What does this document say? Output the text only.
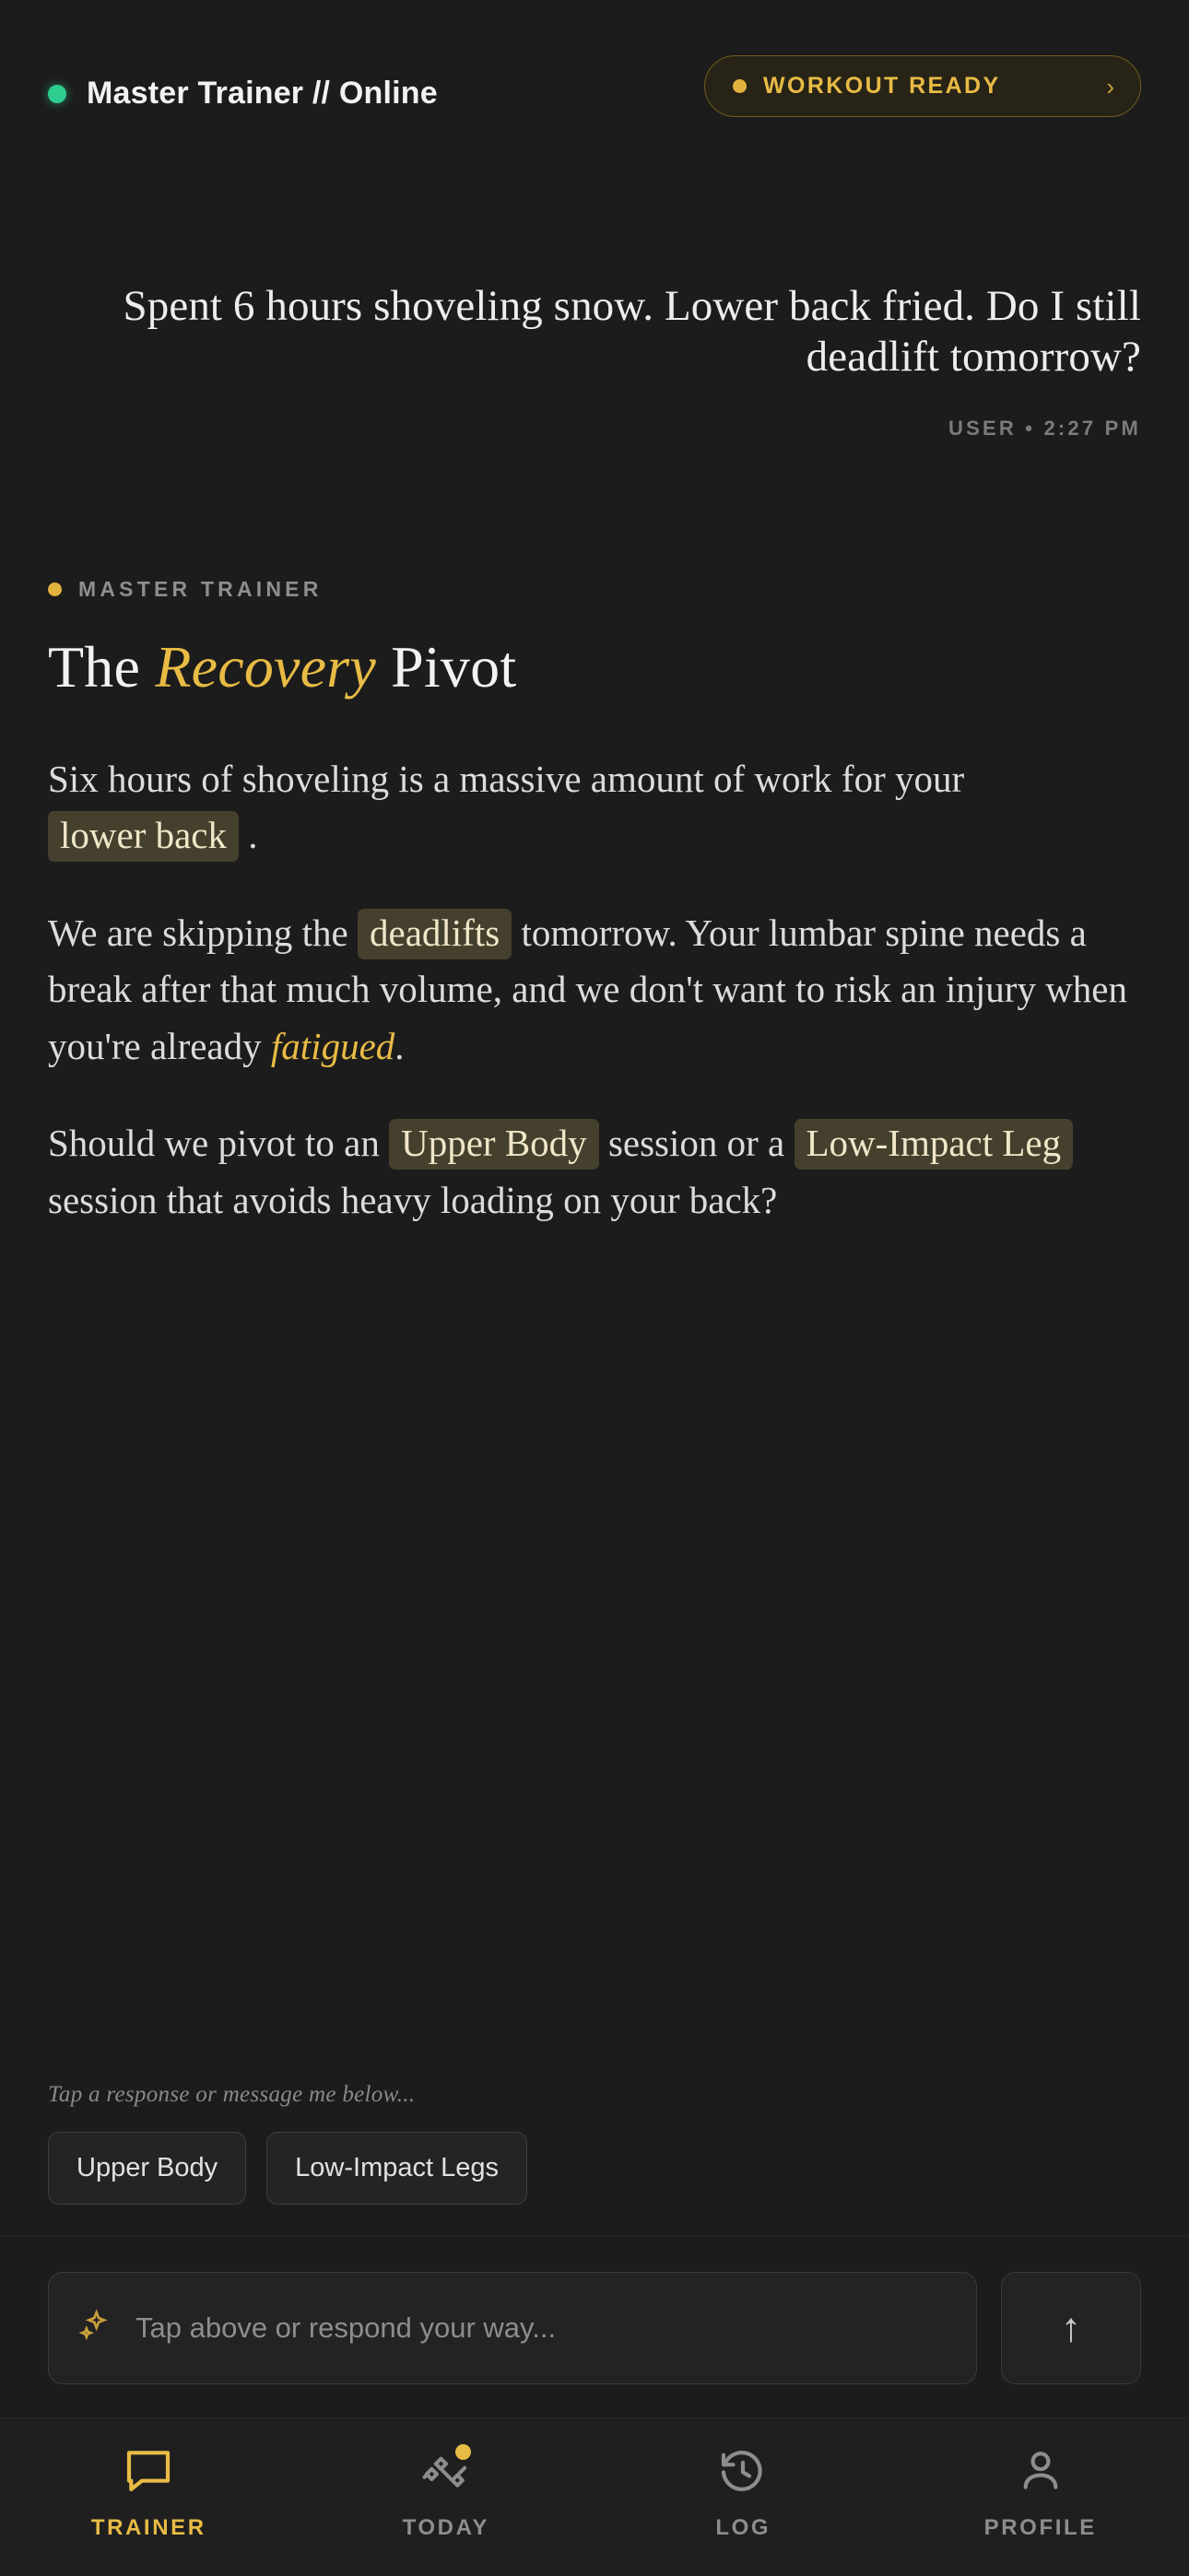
Master Trainer // Online	WORKOUT READY	›
Spent 6 hours shoveling snow. Lower back fried. Do I still deadlift tomorrow?
USER • 2:27 PM
MASTER TRAINER
The Recovery Pivot
Six hours of shoveling is a massive amount of work for your lower back .
We are skipping the deadlifts tomorrow. Your lumbar spine needs a break after that much volume, and we don't want to risk an injury when you're already fatigued.
Should we pivot to an Upper Body session or a Low-Impact Leg session that avoids heavy loading on your back?
Tap a response or message me below...
Upper Body	Low-Impact Legs
Tap above or respond your way...	↑
TRAINER	TODAY	LOG	PROFILE
